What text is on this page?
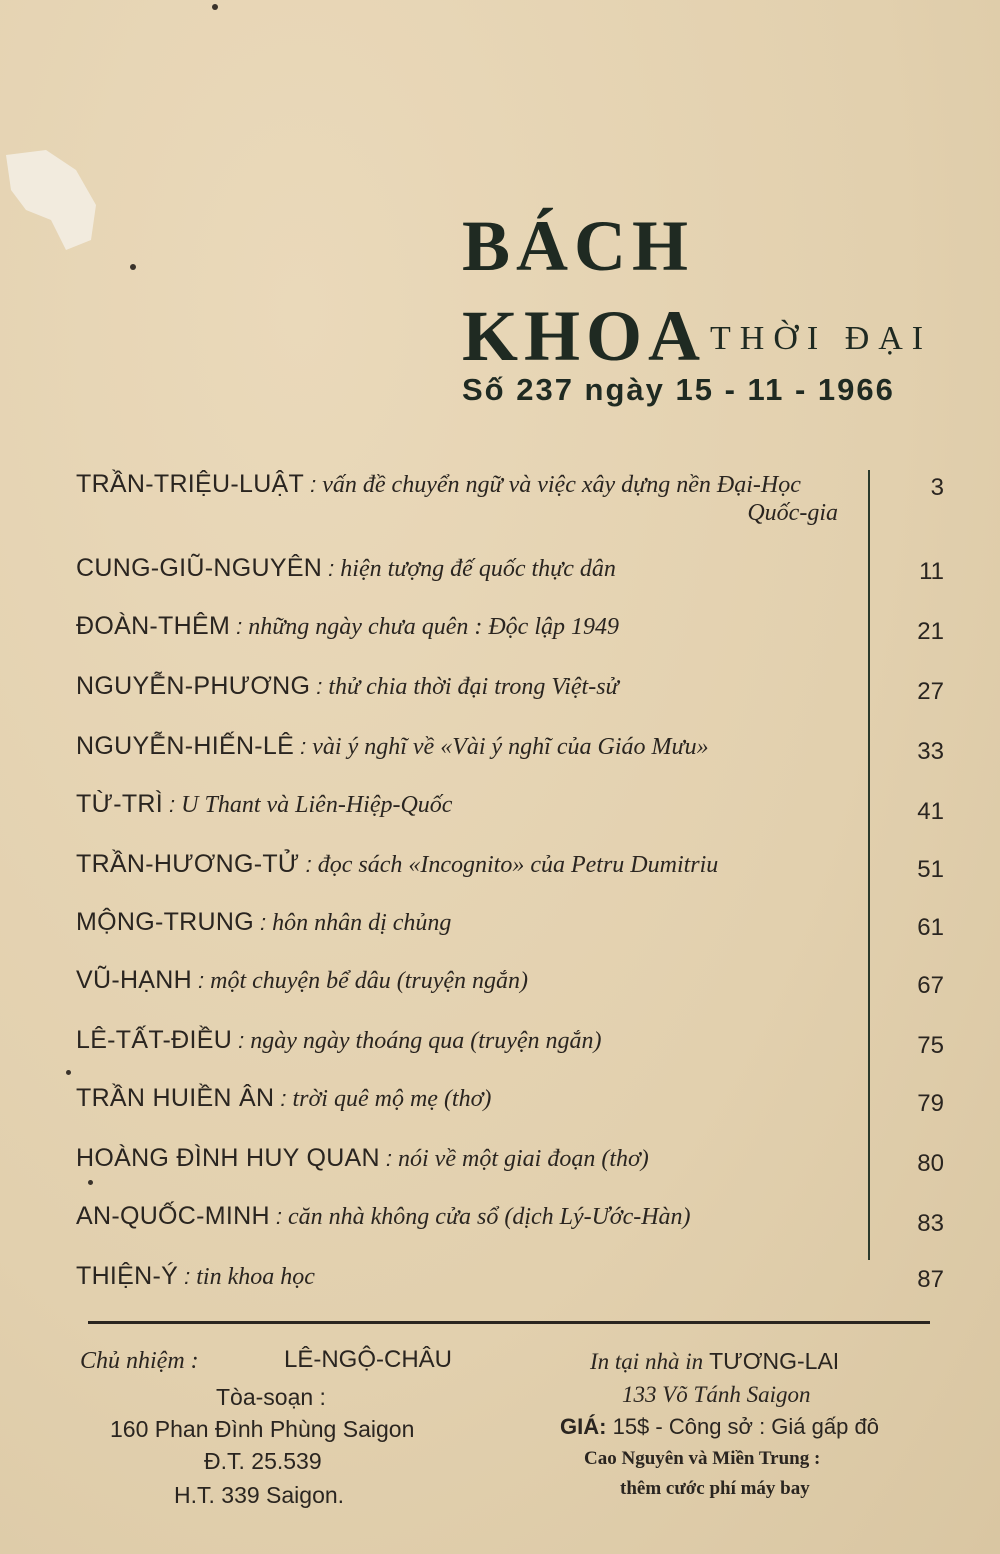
BÁCH
KHOA THỜI ĐẠI
Số 237 ngày 15 - 11 - 1966
TRẦN-TRIỆU-LUẬT : vấn đề chuyển ngữ và việc xây dựng nền Đại-Học
Quốc-gia
3
CUNG-GIŨ-NGUYÊN : hiện tượng đế quốc thực dân	11
ĐOÀN-THÊM : những ngày chưa quên : Độc lập 1949	21
NGUYỄN-PHƯƠNG : thử chia thời đại trong Việt-sử	27
NGUYỄN-HIẾN-LÊ : vài ý nghĩ về «Vài ý nghĩ của Giáo Mưu»	33
TỪ-TRÌ : U Thant và Liên-Hiệp-Quốc	41
TRẦN-HƯƠNG-TỬ : đọc sách «Incognito» của Petru Dumitriu	51
MỘNG-TRUNG : hôn nhân dị chủng	61
VŨ-HẠNH : một chuyện bể dâu (truyện ngắn)	67
LÊ-TẤT-ĐIỀU : ngày ngày thoáng qua (truyện ngắn)	75
TRẦN HUIỀN ÂN : trời quê mộ mẹ (thơ)	79
HOÀNG ĐÌNH HUY QUAN : nói về một giai đoạn (thơ)	80
AN-QUỐC-MINH : căn nhà không cửa sổ (dịch Lý-Ước-Hàn)	83
THIỆN-Ý : tin khoa học	87
Chủ nhiệm :	LÊ-NGỘ-CHÂU
Tòa-soạn :
160 Phan Đình Phùng Saigon
Đ.T. 25.539
H.T. 339 Saigon.
In tại nhà in TƯƠNG-LAI
133 Võ Tánh Saigon
GIÁ: 15$ - Công sở : Giá gấp đô
Cao Nguyên và Miền Trung :
thêm cước phí máy bay
